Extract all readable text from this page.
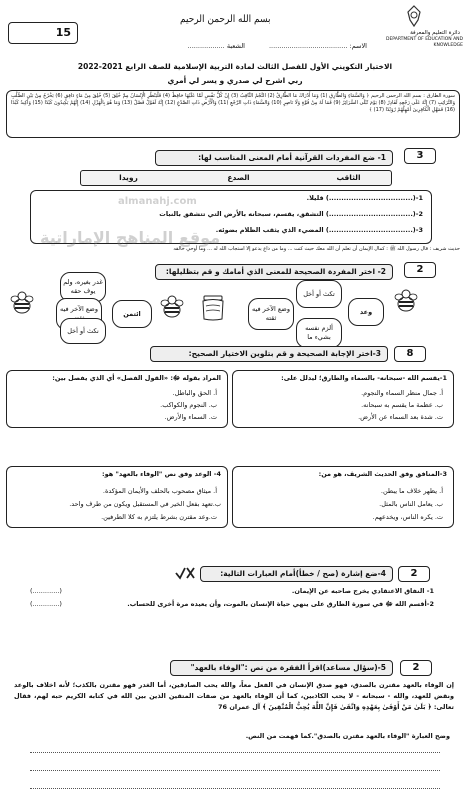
15
بسم الله الرحمن الرحيم
دائرة التعليم والمعرفة
DEPARTMENT OF EDUCATION AND KNOWLEDGE
الاسم: ......................................
الشعبة ..................
الاختبار التكويني الأول للفصل الثالث لمادة التربية الإسلامية للصف الرابع 2021-2022
ربي اشرح لي صدري و يسر لي أمري
سورة الطارق : بسم الله الرحمن الرحيم ﴿ وَالسَّمَاءِ وَالطَّارِقِ (1) وَمَا أَدْرَاكَ مَا الطَّارِقُ (2) النَّجْمُ الثَّاقِبُ (3) إِنْ كُلُّ نَفْسٍ لَمَّا عَلَيْهَا حَافِظٌ (4) فَلْيَنْظُرِ الْإِنْسَانُ مِمَّ خُلِقَ (5) خُلِقَ مِنْ مَاءٍ دَافِقٍ (6) يَخْرُجُ مِنْ بَيْنِ الصُّلْبِ وَالتَّرَائِبِ (7) إِنَّهُ عَلَى رَجْعِهِ لَقَادِرٌ (8) يَوْمَ تُبْلَى السَّرَائِرُ (9) فَمَا لَهُ مِنْ قُوَّةٍ وَلَا نَاصِرٍ (10) وَالسَّمَاءِ ذَاتِ الرَّجْعِ (11) وَالْأَرْضِ ذَاتِ الصَّدْعِ (12) إِنَّهُ لَقَوْلٌ فَصْلٌ (13) وَمَا هُوَ بِالْهَزْلِ (14) إِنَّهُمْ يَكِيدُونَ كَيْدًا (15) وَأَكِيدُ كَيْدًا (16) فَمَهِّلِ الْكَافِرِينَ أَمْهِلْهُمْ رُوَيْدًا (17) ﴾
3
1- ضع المفردات القرآنية أمام المعنى المناسب لها:
الثاقب
الصدع
رويدا
1-(..................................) قليلا.
2-(..................................) التشقق، يقسم، سبحانه بالأرض التي تتشقق بالنبات
3-(..................................) المضيء الذي يثقب الظلام بضوئه.
حديث شريف : قال رسول الله ﷺ : كمال الإيمان أن تعلم أن الله معك حيث كنت ... وما من داع يدعو إلا استجاب الله له ... وما أوحي خالقه
almanahj.com
موقع المناهج الإماراتية
2
2- اختر المفردة الصحيحة للمعنى الذي أمامك و قم بتظليلها:
وعد
تكث أو أخل
وضع الآخر فيه ثقته
ألزم نفسه بشيء ما
ائتمن
غدر بغيره، ولم يوف حقه
وضع الآخر فيه
نكث أو أخل
8
3-اختر الإجابة الصحيحة و قم بتلوين الاختيار الصحيح:
1-يقسم الله -سبحانه- بالسماء والطارق؛ ليدلل على:
أ. جمال منظر السماء والنجوم.
ب. عظمة ما يقسم به سبحانه.
ت. شدة بعد السماء عن الأرض.
المراد بقوله ﷻ: «القول الفصل» أي الذي يفصل بين:
أ. الحق والباطل.
ب. النجوم والكواكب.
ت. السماء والأرض.
3-المنافق وفق الحديث الشريف، هو من:
أ. يظهر خلاف ما يبطن.
ب. يعامل الناس بالمثل.
ت. يكره الناس، ويخدعهم.
4- الوعد وفق نص "الوفاء بالعهد" هو:
أ. ميثاق مصحوب بالحلف والأيمان المؤكدة.
ب.تعهد بفعل الخير في المستقبل ويكون من طرف واحد.
ت.وعد مقترن بشرط يلتزم به كلا الطرفين.
2
4-ضع إشارة (صح / خطأ)أمام العبارات التالية:
1- النفاق الاعتقادي يخرج صاحبه عن الإيمان.
2-أقسم الله ﷻ في سورة الطارق على ينهي حياة الإنسان بالموت، وأن يعيده مرة أخرى للحساب.
(.............)
(.............)
2
5-(سؤال مساعد)اقرأ الفقرة من نص :"الوفاء بالعهد"
إن الوفاء بالعهد مقترن بالصدق، فهو صدق الإنسان في الفعل معاً، والله يحب الصادقين، أما الغدر فهو مقترن بالكذب؛ لأنه اخلاف بالوعد ونقض للعهد، والله - سبحانه - لا يحب الكاذبين، كما أن الوفاء بالعهد من صفات المتقين الذين بين الله في كتابه الكريم حبه لهم، فقال تعالى: ﴿ بَلَىٰ مَنْ أَوْفَىٰ بِعَهْدِهِ وَاتَّقَىٰ فَإِنَّ اللَّهَ يُحِبُّ الْمُتَّقِينَ ﴾ آل عمران 76
وضح العبارة "الوفاء بالعهد مقترن بالصدق".كما فهمت من النص.
